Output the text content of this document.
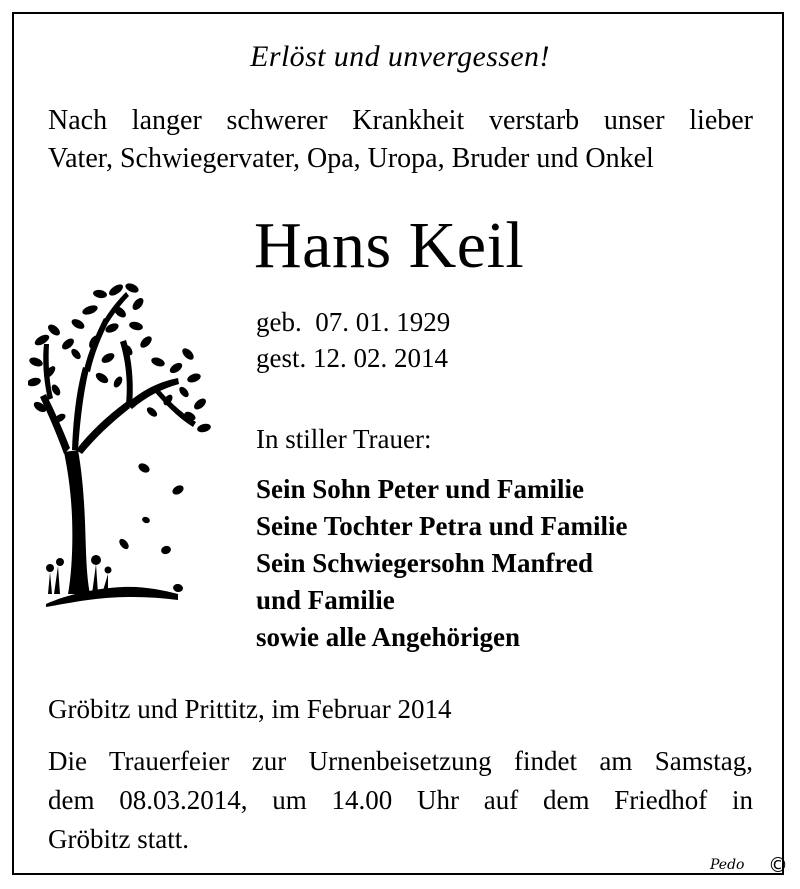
Erlöst und unvergessen!
Nach langer schwerer Krankheit verstarb unser lieber
Vater, Schwiegervater, Opa, Uropa, Bruder und Onkel
Hans Keil
geb.  07. 01. 1929
gest. 12. 02. 2014
In stiller Trauer:
Sein Sohn Peter und Familie
Seine Tochter Petra und Familie
Sein Schwiegersohn Manfred
und Familie
sowie alle Angehörigen
Gröbitz und Prittitz, im Februar 2014
Die Trauerfeier zur Urnenbeisetzung findet am Samstag,
dem 08.03.2014, um 14.00 Uhr auf dem Friedhof in
Gröbitz statt.
Pedo ©
